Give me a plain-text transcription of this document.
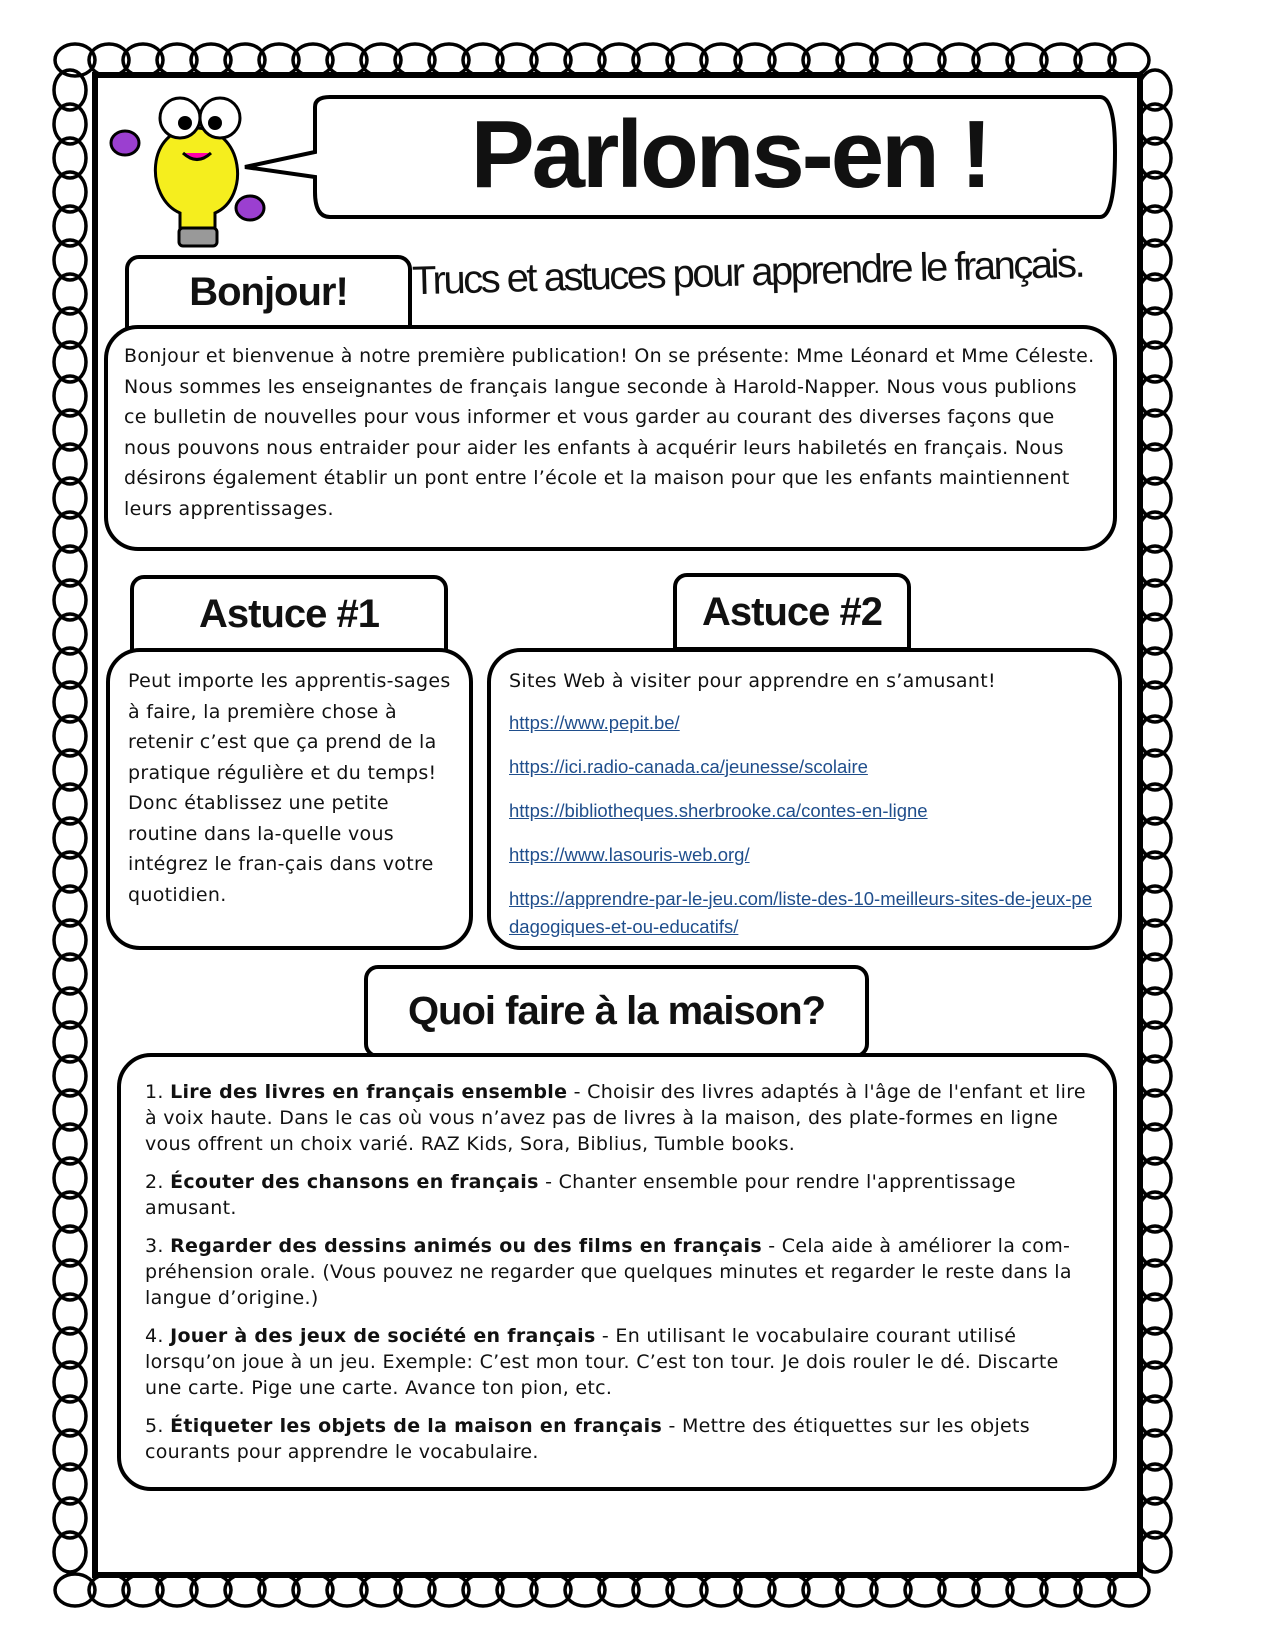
Parlons-en !
Trucs et astuces pour apprendre le français.
Bonjour!
Bonjour et bienvenue à notre première publication! On se présente: Mme Léonard et Mme Céleste. Nous sommes les enseignantes de français langue seconde à Harold-Napper. Nous vous publions ce bulletin de nouvelles pour vous informer et vous garder au courant des diverses façons que nous pouvons nous entraider pour aider les enfants à acquérir leurs habiletés en français. Nous désirons également établir un pont entre l’école et la maison pour que les enfants maintiennent leurs apprentissages.
Astuce #1
Peut importe les apprentis-sages à faire, la première chose à retenir c’est que ça prend de la pratique régulière et du temps! Donc établissez une petite routine dans la-quelle vous intégrez le fran-çais dans votre quotidien.
Astuce #2
Sites Web à visiter pour apprendre en s’amusant!
https://www.pepit.be/
https://ici.radio-canada.ca/jeunesse/scolaire
https://bibliotheques.sherbrooke.ca/contes-en-ligne
https://www.lasouris-web.org/
https://apprendre-par-le-jeu.com/liste-des-10-meilleurs-sites-de-jeux-pedagogiques-et-ou-educatifs/
Quoi faire à la maison?

1. Lire des livres en français ensemble - Choisir des livres adaptés à l'âge de l'enfant et lire à voix haute. Dans le cas où vous n’avez pas de livres à la maison, des plate-formes en ligne vous offrent un choix varié. RAZ Kids, Sora, Biblius, Tumble books.

2. Écouter des chansons en français - Chanter ensemble pour rendre l'apprentissage amusant.

3. Regarder des dessins animés ou des films en français - Cela aide à améliorer la com-préhension orale. (Vous pouvez ne regarder que quelques minutes et regarder le reste dans la langue d’origine.)

4. Jouer à des jeux de société en français - En utilisant le vocabulaire courant utilisé lorsqu’on joue à un jeu. Exemple: C’est mon tour. C’est ton tour. Je dois rouler le dé. Discarte une carte. Pige une carte. Avance ton pion, etc.

5. Étiqueter les objets de la maison en français - Mettre des étiquettes sur les objets courants pour apprendre le vocabulaire.
